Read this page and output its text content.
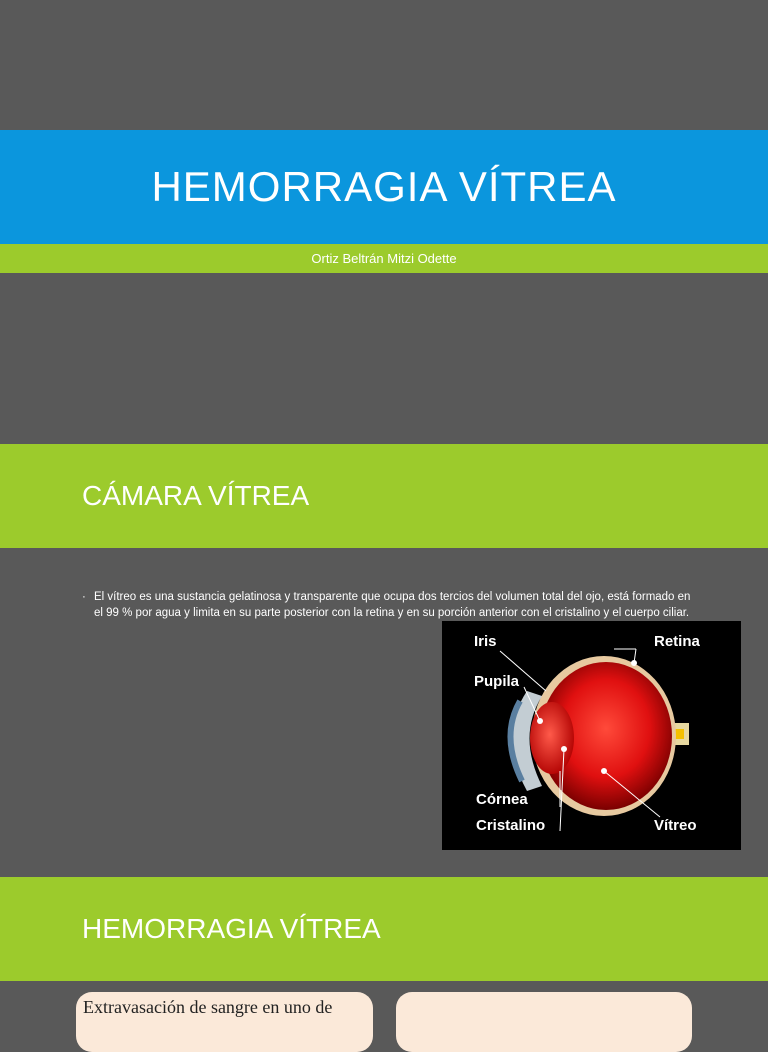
HEMORRAGIA VÍTREA
Ortiz Beltrán Mitzi Odette
CÁMARA VÍTREA
· El vítreo es una sustancia gelatinosa y transparente que ocupa dos tercios del volumen total del ojo, está formado en el 99 % por agua y limita en su parte posterior con la retina y en su porción anterior con el cristalino y el cuerpo ciliar.
Iris	Retina
Pupila
Córnea
Cristalino	Vítreo
HEMORRAGIA VÍTREA
Extravasación de sangre en uno de
